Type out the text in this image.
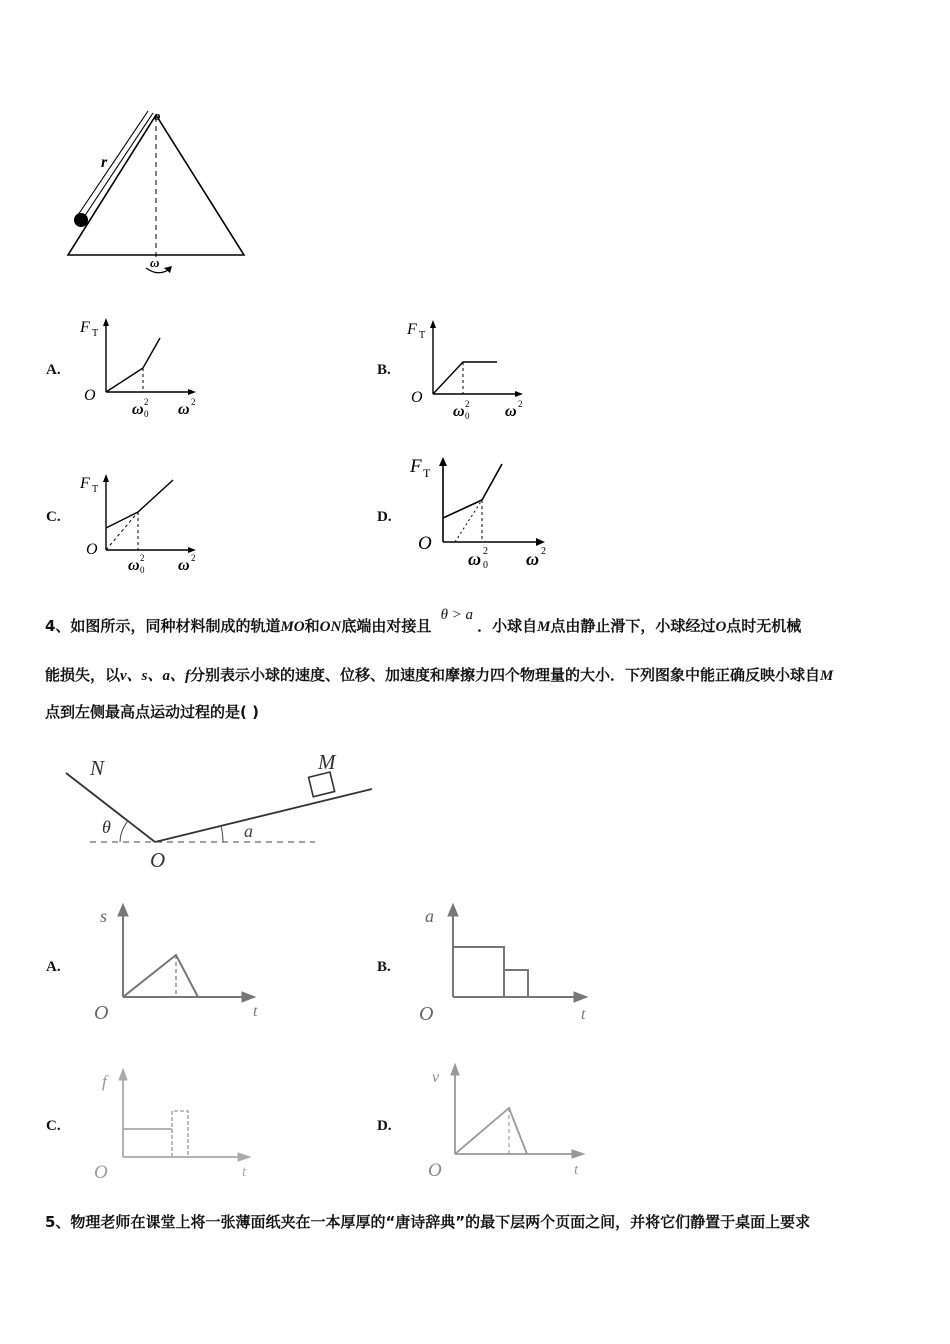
o
r
ω
A.
F T
O
ω 2
0 ω 2
B.
F T
O
ω 2
0 ω 2
C.
F T
O
ω 2
0 ω 2
D.
F T
O
ω 2
0 ω 2
4、如图所示，同种材料制成的轨道MO和ON底端由对接且 θ > a．小球自M点由静止滑下，小球经过O点时无机械
能损失，以v、s、a、f分别表示小球的速度、位移、加速度和摩擦力四个物理量的大小．下列图象中能正确反映小球自M
点到左侧最高点运动过程的是( )
N	M
θ	a
O
A.
s
O	t
B.
a
O	t
C.
f
O	t
D.
v
O	t
5、物理老师在课堂上将一张薄面纸夹在一本厚厚的“唐诗辞典”的最下层两个页面之间，并将它们静置于桌面上要求
